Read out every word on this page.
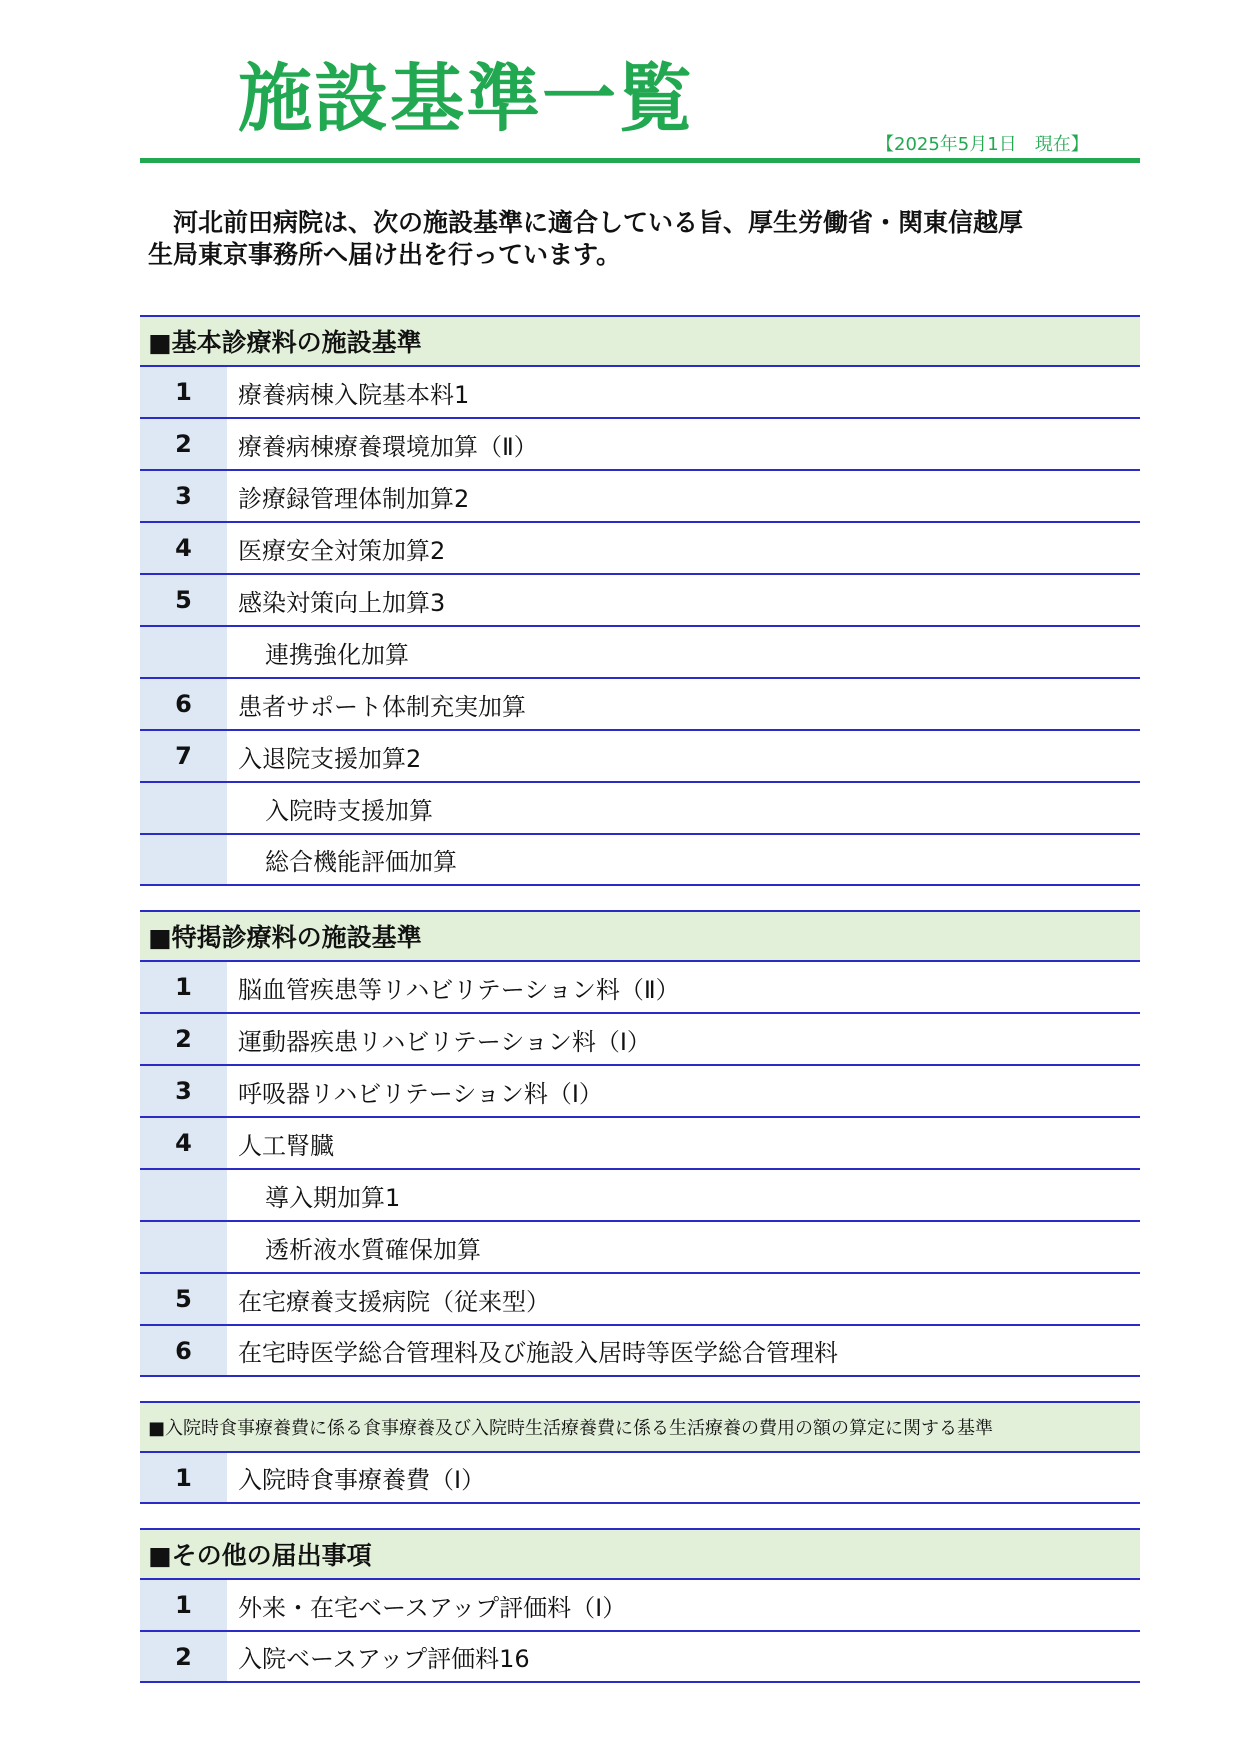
施設基準一覧
【2025年5月1日　現在】
　河北前田病院は、次の施設基準に適合している旨、厚生労働省・関東信越厚
生局東京事務所へ届け出を行っています。
■基本診療料の施設基準
1	療養病棟入院基本料1
2	療養病棟療養環境加算（Ⅱ）
3	診療録管理体制加算2
4	医療安全対策加算2
5	感染対策向上加算3
連携強化加算
6	患者サポート体制充実加算
7	入退院支援加算2
入院時支援加算
総合機能評価加算
■特掲診療料の施設基準
1	脳血管疾患等リハビリテーション料（Ⅱ）
2	運動器疾患リハビリテーション料（Ⅰ）
3	呼吸器リハビリテーション料（Ⅰ）
4	人工腎臓
導入期加算1
透析液水質確保加算
5	在宅療養支援病院（従来型）
6	在宅時医学総合管理料及び施設入居時等医学総合管理料
■入院時食事療養費に係る食事療養及び入院時生活療養費に係る生活療養の費用の額の算定に関する基準
1	入院時食事療養費（Ⅰ）
■その他の届出事項
1	外来・在宅ベースアップ評価料（Ⅰ）
2	入院ベースアップ評価料16
